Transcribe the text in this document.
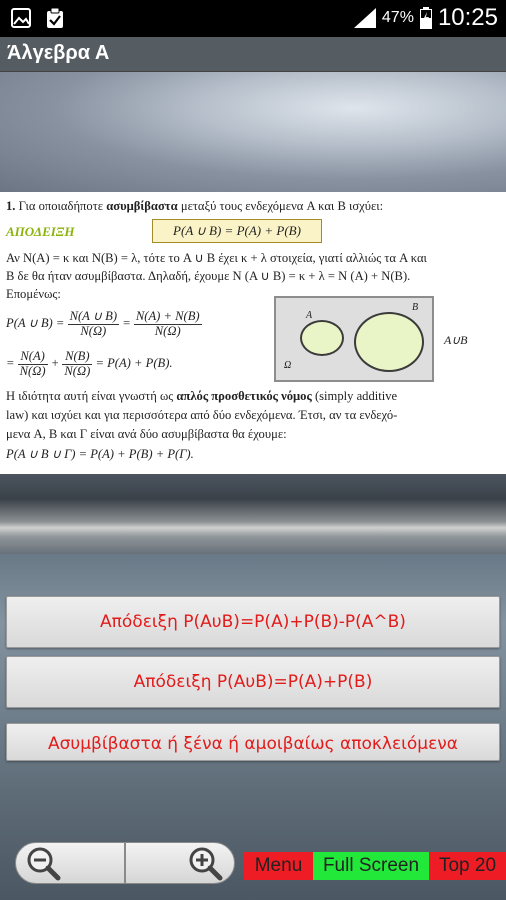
47% 10:25
Άλγεβρα Α
1. Για οποιαδήποτε ασυμβίβαστα μεταξύ τους ενδεχόμενα A και B ισχύει:
ΑΠΟΔΕΙΞΗ	P(A ∪ B) = P(A) + P(B)
Αν N(A) = κ και N(B) = λ, τότε το A ∪ B έχει κ + λ στοιχεία, γιατί αλλιώς τα A και
B δε θα ήταν ασυμβίβαστα. Δηλαδή, έχουμε N (A ∪ B) = κ + λ = N (A) + N(B).
Επομένως:
P(A ∪ $B) = \frac{N(A \cup B)}{N(\Omega)} = \frac{N(A) + N(B)}{N(\Omega)}$
= $\frac{N(A)}{N(\Omega)} + \frac{N(B)}{N(\Omega)} = P(A) + P(B)$.
A
B
Ω
A∪B
Η ιδιότητα αυτή είναι γνωστή ως απλός προσθετικός νόμος (simply additive
law) και ισχύει και για περισσότερα από δύο ενδεχόμενα. Έτσι, αν τα ενδεχό-
μενα A, B και Γ είναι ανά δύο ασυμβίβαστα θα έχουμε:
P(A ∪ B ∪ Γ) = P(A) + P(B) + P(Γ).
Απόδειξη P(AυB)=P(A)+P(B)-P(A^B)
Απόδειξη P(AυB)=P(A)+P(B)
Ασυμβίβαστα ή ξένα ή αμοιβαίως αποκλειόμενα
Menu	Full Screen	Top 20
